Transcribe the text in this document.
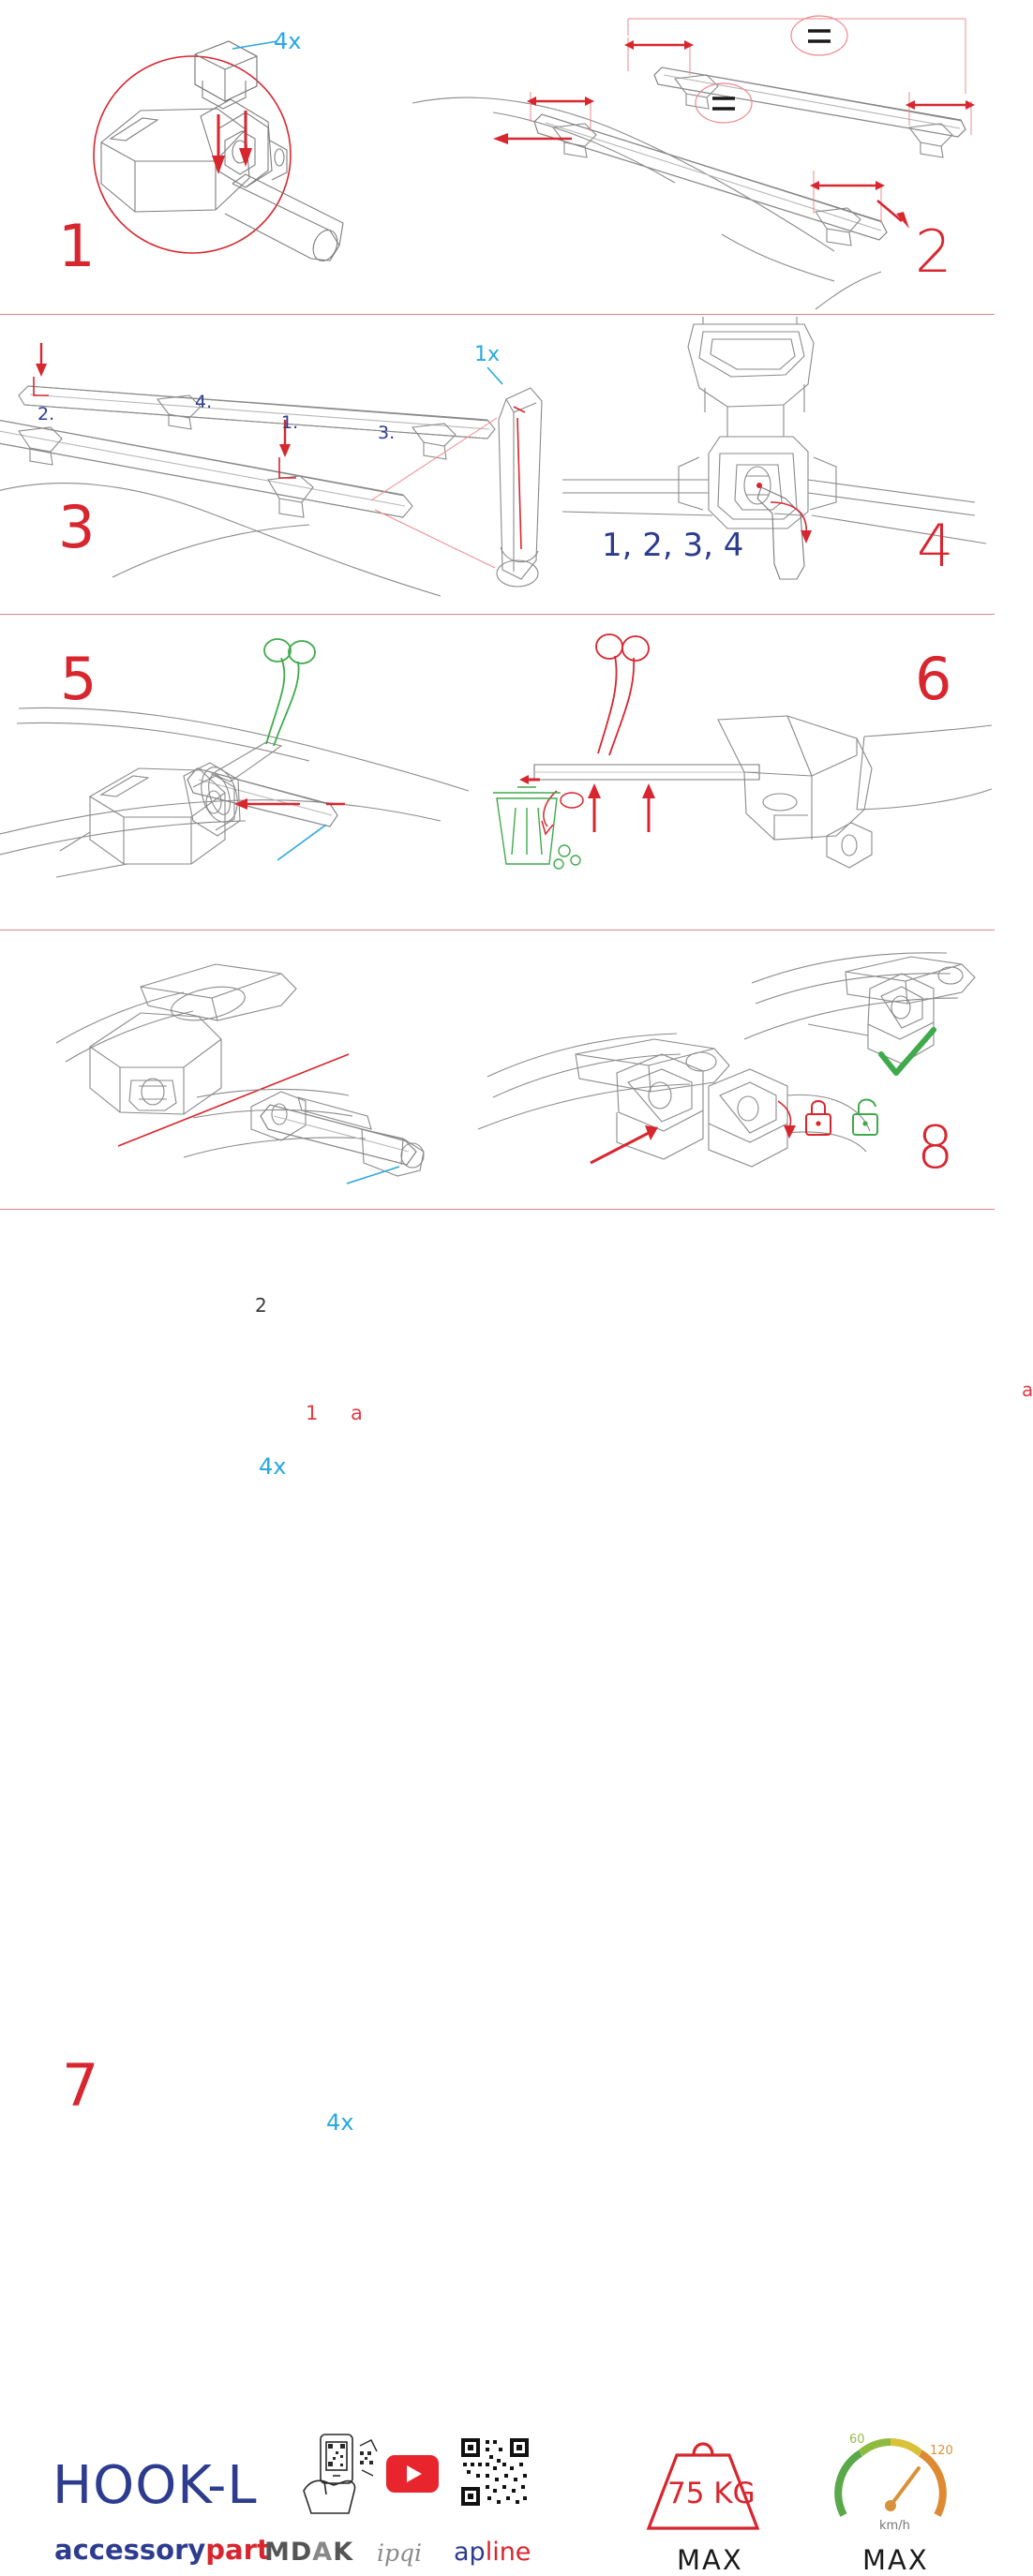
1
4x
2
3
2.
4.
3.
1.
1x
1, 2, 3, 4	4
2
1 a
4x
5
a
6
7
4x
8
HOOK-L
accessorypart
MDAK ipqi apline
75 KG
MAX
60
120
km/h
MAX
